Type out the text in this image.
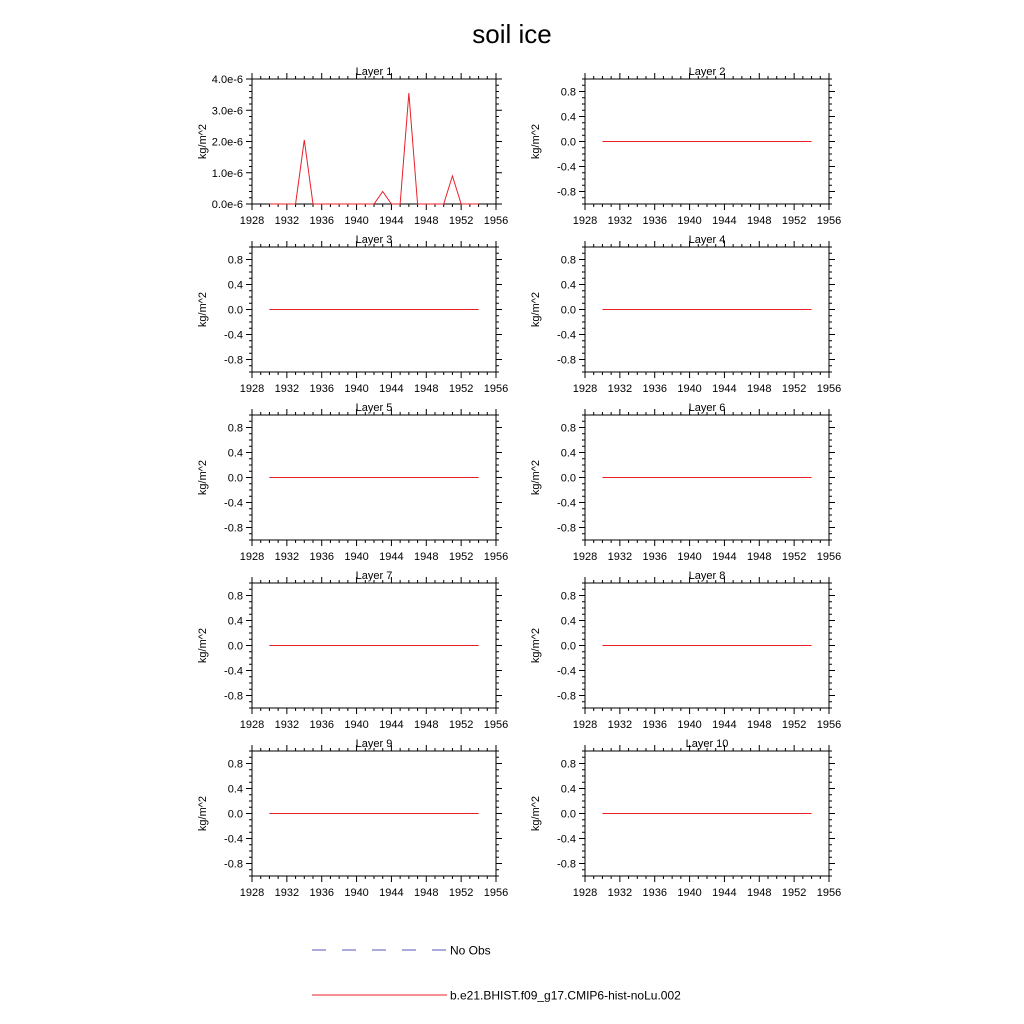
soil ice
Layer 1
kg/m^2
1928 1932 1936 1940 1944 1948 1952 1956
0.0e-6
1.0e-6
2.0e-6
3.0e-6
4.0e-6
Layer 2
kg/m^2
1928 1932 1936 1940 1944 1948 1952 1956
0.8
0.4
0.0
-0.4
-0.8
Layer 3
kg/m^2
1928 1932 1936 1940 1944 1948 1952 1956
0.8
0.4
0.0
-0.4
-0.8
Layer 4
kg/m^2
1928 1932 1936 1940 1944 1948 1952 1956
0.8
0.4
0.0
-0.4
-0.8
Layer 5
kg/m^2
1928 1932 1936 1940 1944 1948 1952 1956
0.8
0.4
0.0
-0.4
-0.8
Layer 6
kg/m^2
1928 1932 1936 1940 1944 1948 1952 1956
0.8
0.4
0.0
-0.4
-0.8
Layer 7
kg/m^2
1928 1932 1936 1940 1944 1948 1952 1956
0.8
0.4
0.0
-0.4
-0.8
Layer 8
kg/m^2
1928 1932 1936 1940 1944 1948 1952 1956
0.8
0.4
0.0
-0.4
-0.8
Layer 9
kg/m^2
1928 1932 1936 1940 1944 1948 1952 1956
0.8
0.4
0.0
-0.4
-0.8
Layer 10
kg/m^2
1928 1932 1936 1940 1944 1948 1952 1956
0.8
0.4
0.0
-0.4
-0.8
No Obs
b.e21.BHIST.f09_g17.CMIP6-hist-noLu.002
